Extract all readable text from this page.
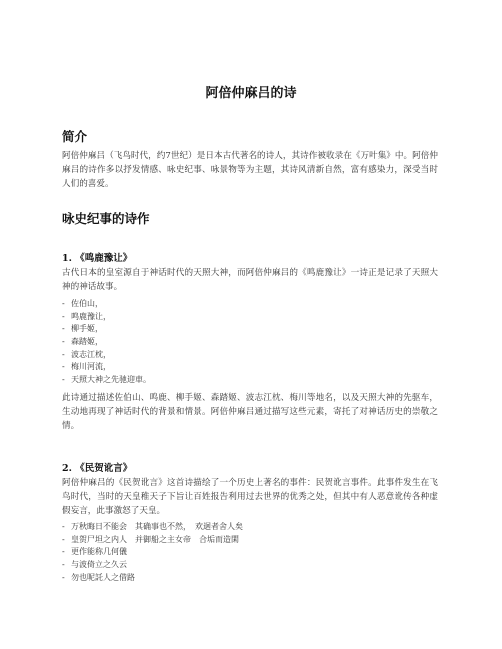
阿倍仲麻吕的诗
简介
阿倍仲麻吕（飞鸟时代，约7世纪）是日本古代著名的诗人，其诗作被收录在《万叶集》中。阿倍仲麻吕的诗作多以抒发情感、咏史纪事、咏景物等为主题，其诗风清新自然，富有感染力，深受当时人们的喜爱。
咏史纪事的诗作
1. 《鸣鹿豫让》
古代日本的皇室源自于神话时代的天照大神，而阿倍仲麻吕的《鸣鹿豫让》一诗正是记录了天照大神的神话故事。
- 佐伯山，
- 鸣鹿豫让，
- 柳手姬，
- 森踏姬，
- 波志江枕，
- 梅川河流，
- 天照大神之先驰迎車。
此诗通过描述佐伯山、鸣鹿、柳手姬、森踏姬、波志江枕、梅川等地名，以及天照大神的先驱车，生动地再现了神话时代的背景和情景。阿倍仲麻吕通过描写这些元素，寄托了对神话历史的崇敬之情。
2. 《民贺讹言》
阿倍仲麻吕的《民贺讹言》这首诗描绘了一个历史上著名的事件：民贺讹言事件。此事件发生在飞鸟时代，当时的天皇稚天子下旨让百姓报告利用过去世界的优秀之处，但其中有人恶意讹传各种虚假妄言，此事激怒了天皇。
- 万秋晦日不能会　其确事也不然，　欢迴者舍人矣
- 皇贺尸坦之内人　并御船之主女帝　合垢而造閑
- 更作能称几何儀
- 与波倚立之久云
- 勿也呢託人之借路
